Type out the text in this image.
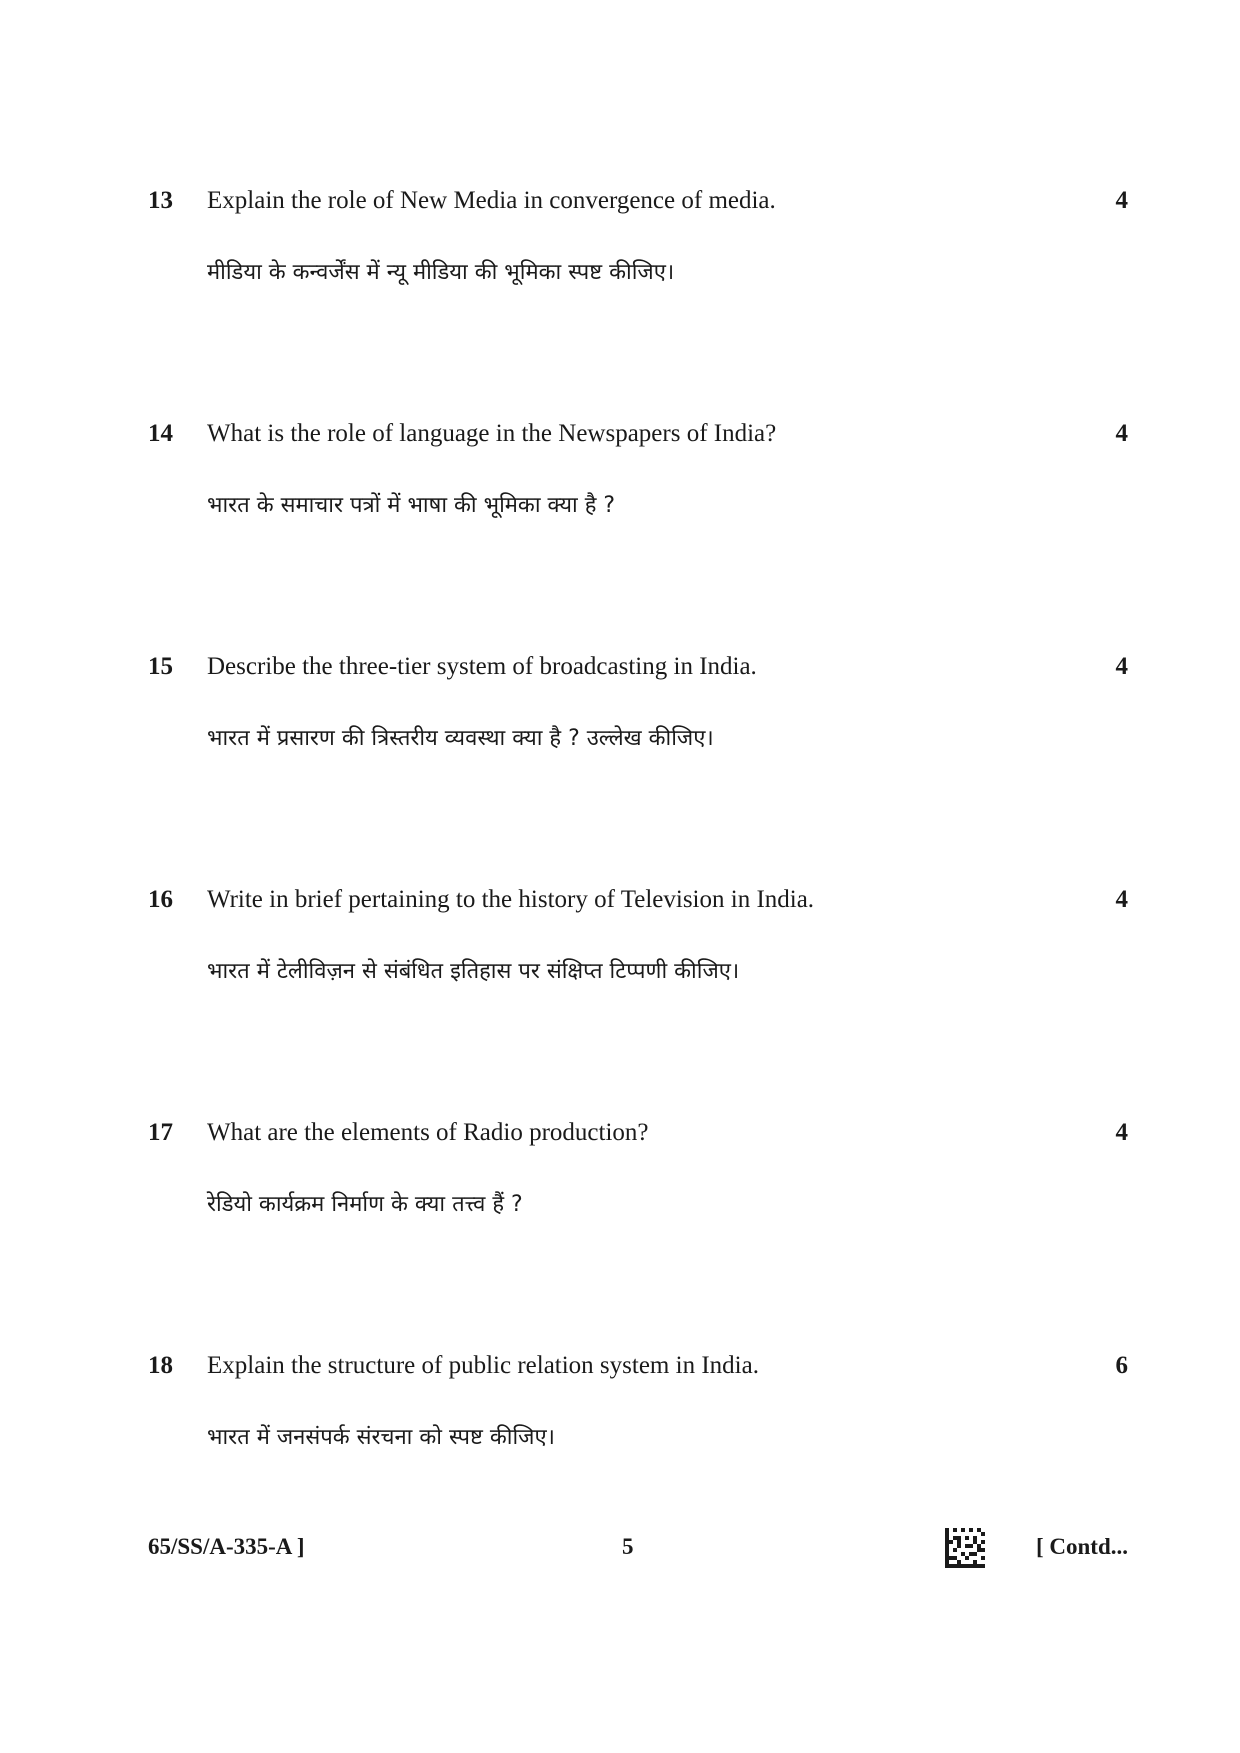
13 Explain the role of New Media in convergence of media.	4
मीडिया के कन्वर्जेंस में न्यू मीडिया की भूमिका स्पष्ट कीजिए।
14 What is the role of language in the Newspapers of India?	4
भारत के समाचार पत्रों में भाषा की भूमिका क्या है ?
15 Describe the three-tier system of broadcasting in India.	4
भारत में प्रसारण की त्रिस्तरीय व्यवस्था क्या है ? उल्लेख कीजिए।
16 Write in brief pertaining to the history of Television in India.	4
भारत में टेलीविज़न से संबंधित इतिहास पर संक्षिप्त टिप्पणी कीजिए।
17 What are the elements of Radio production?	4
रेडियो कार्यक्रम निर्माण के क्या तत्त्व हैं ?
18 Explain the structure of public relation system in India.	6
भारत में जनसंपर्क संरचना को स्पष्ट कीजिए।
65/SS/A-335-A ]	5	[ Contd...
